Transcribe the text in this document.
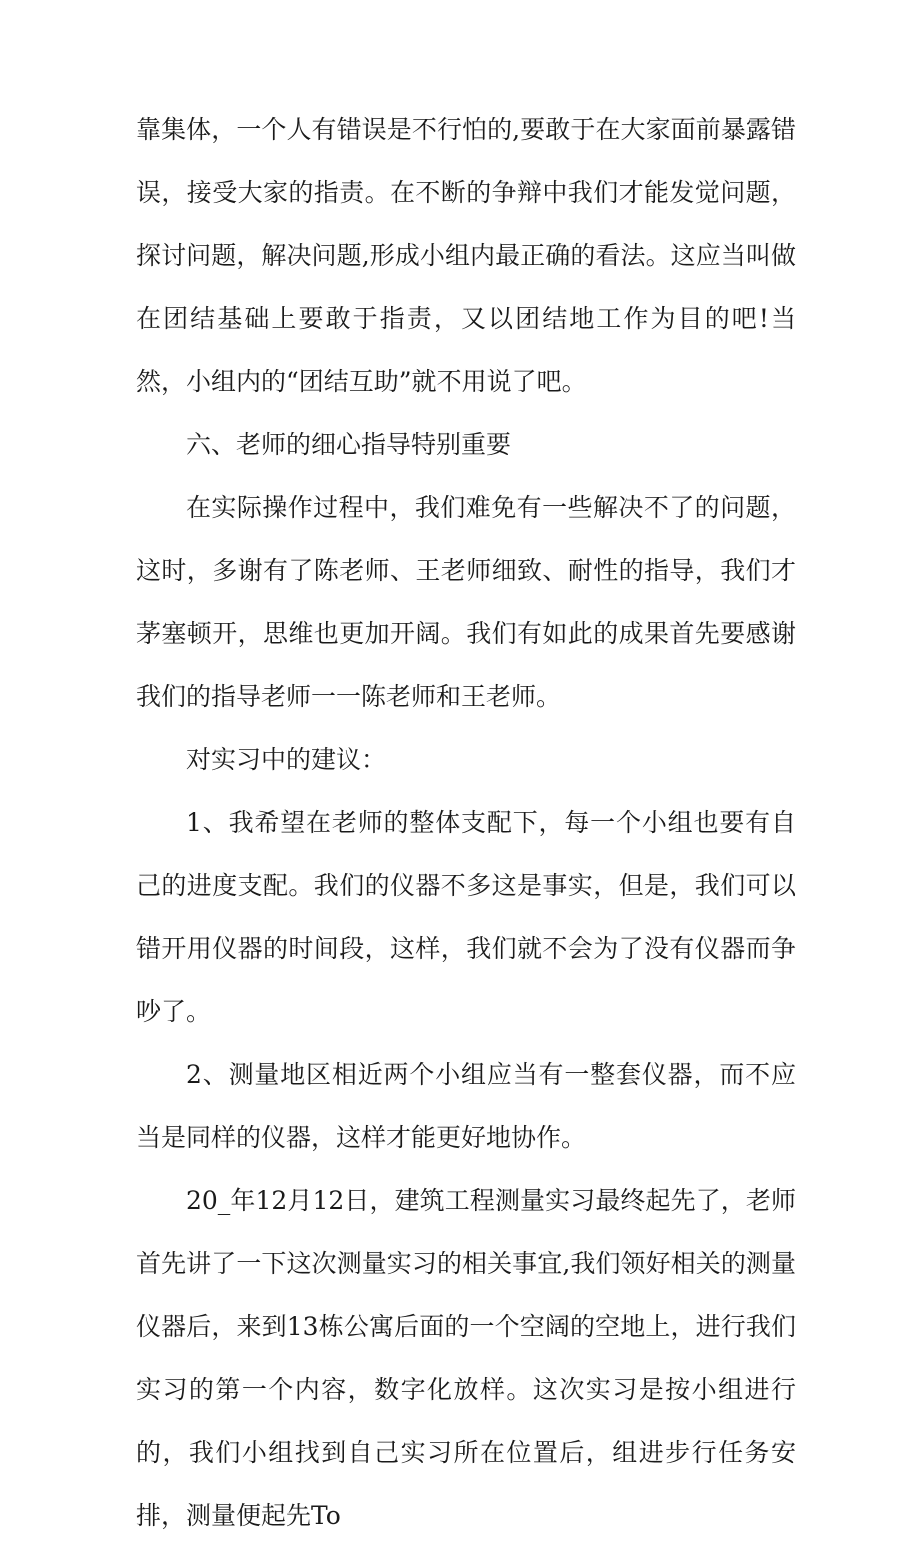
靠集体，一个人有错误是不行怕的,要敢于在大家面前暴露错误，接受大家的指责。在不断的争辩中我们才能发觉问题，探讨问题，解决问题,形成小组内最正确的看法。这应当叫做在团结基础上要敢于指责，又以团结地工作为目的吧!当然，小组内的“团结互助”就不用说了吧。

六、老师的细心指导特别重要

在实际操作过程中，我们难免有一些解决不了的问题，这时，多谢有了陈老师、王老师细致、耐性的指导，我们才茅塞顿开，思维也更加开阔。我们有如此的成果首先要感谢我们的指导老师一一陈老师和王老师。

对实习中的建议：

1、我希望在老师的整体支配下，每一个小组也要有自己的进度支配。我们的仪器不多这是事实，但是，我们可以错开用仪器的时间段，这样，我们就不会为了没有仪器而争吵了。

2、测量地区相近两个小组应当有一整套仪器，而不应当是同样的仪器，这样才能更好地协作。

20_年12月12日，建筑工程测量实习最终起先了，老师首先讲了一下这次测量实习的相关事宜,我们领好相关的测量仪器后，来到13栋公寓后面的一个空阔的空地上，进行我们实习的第一个内容，数字化放样。这次实习是按小组进行的，我们小组找到自己实习所在位置后，组进步行任务安排，测量便起先To
